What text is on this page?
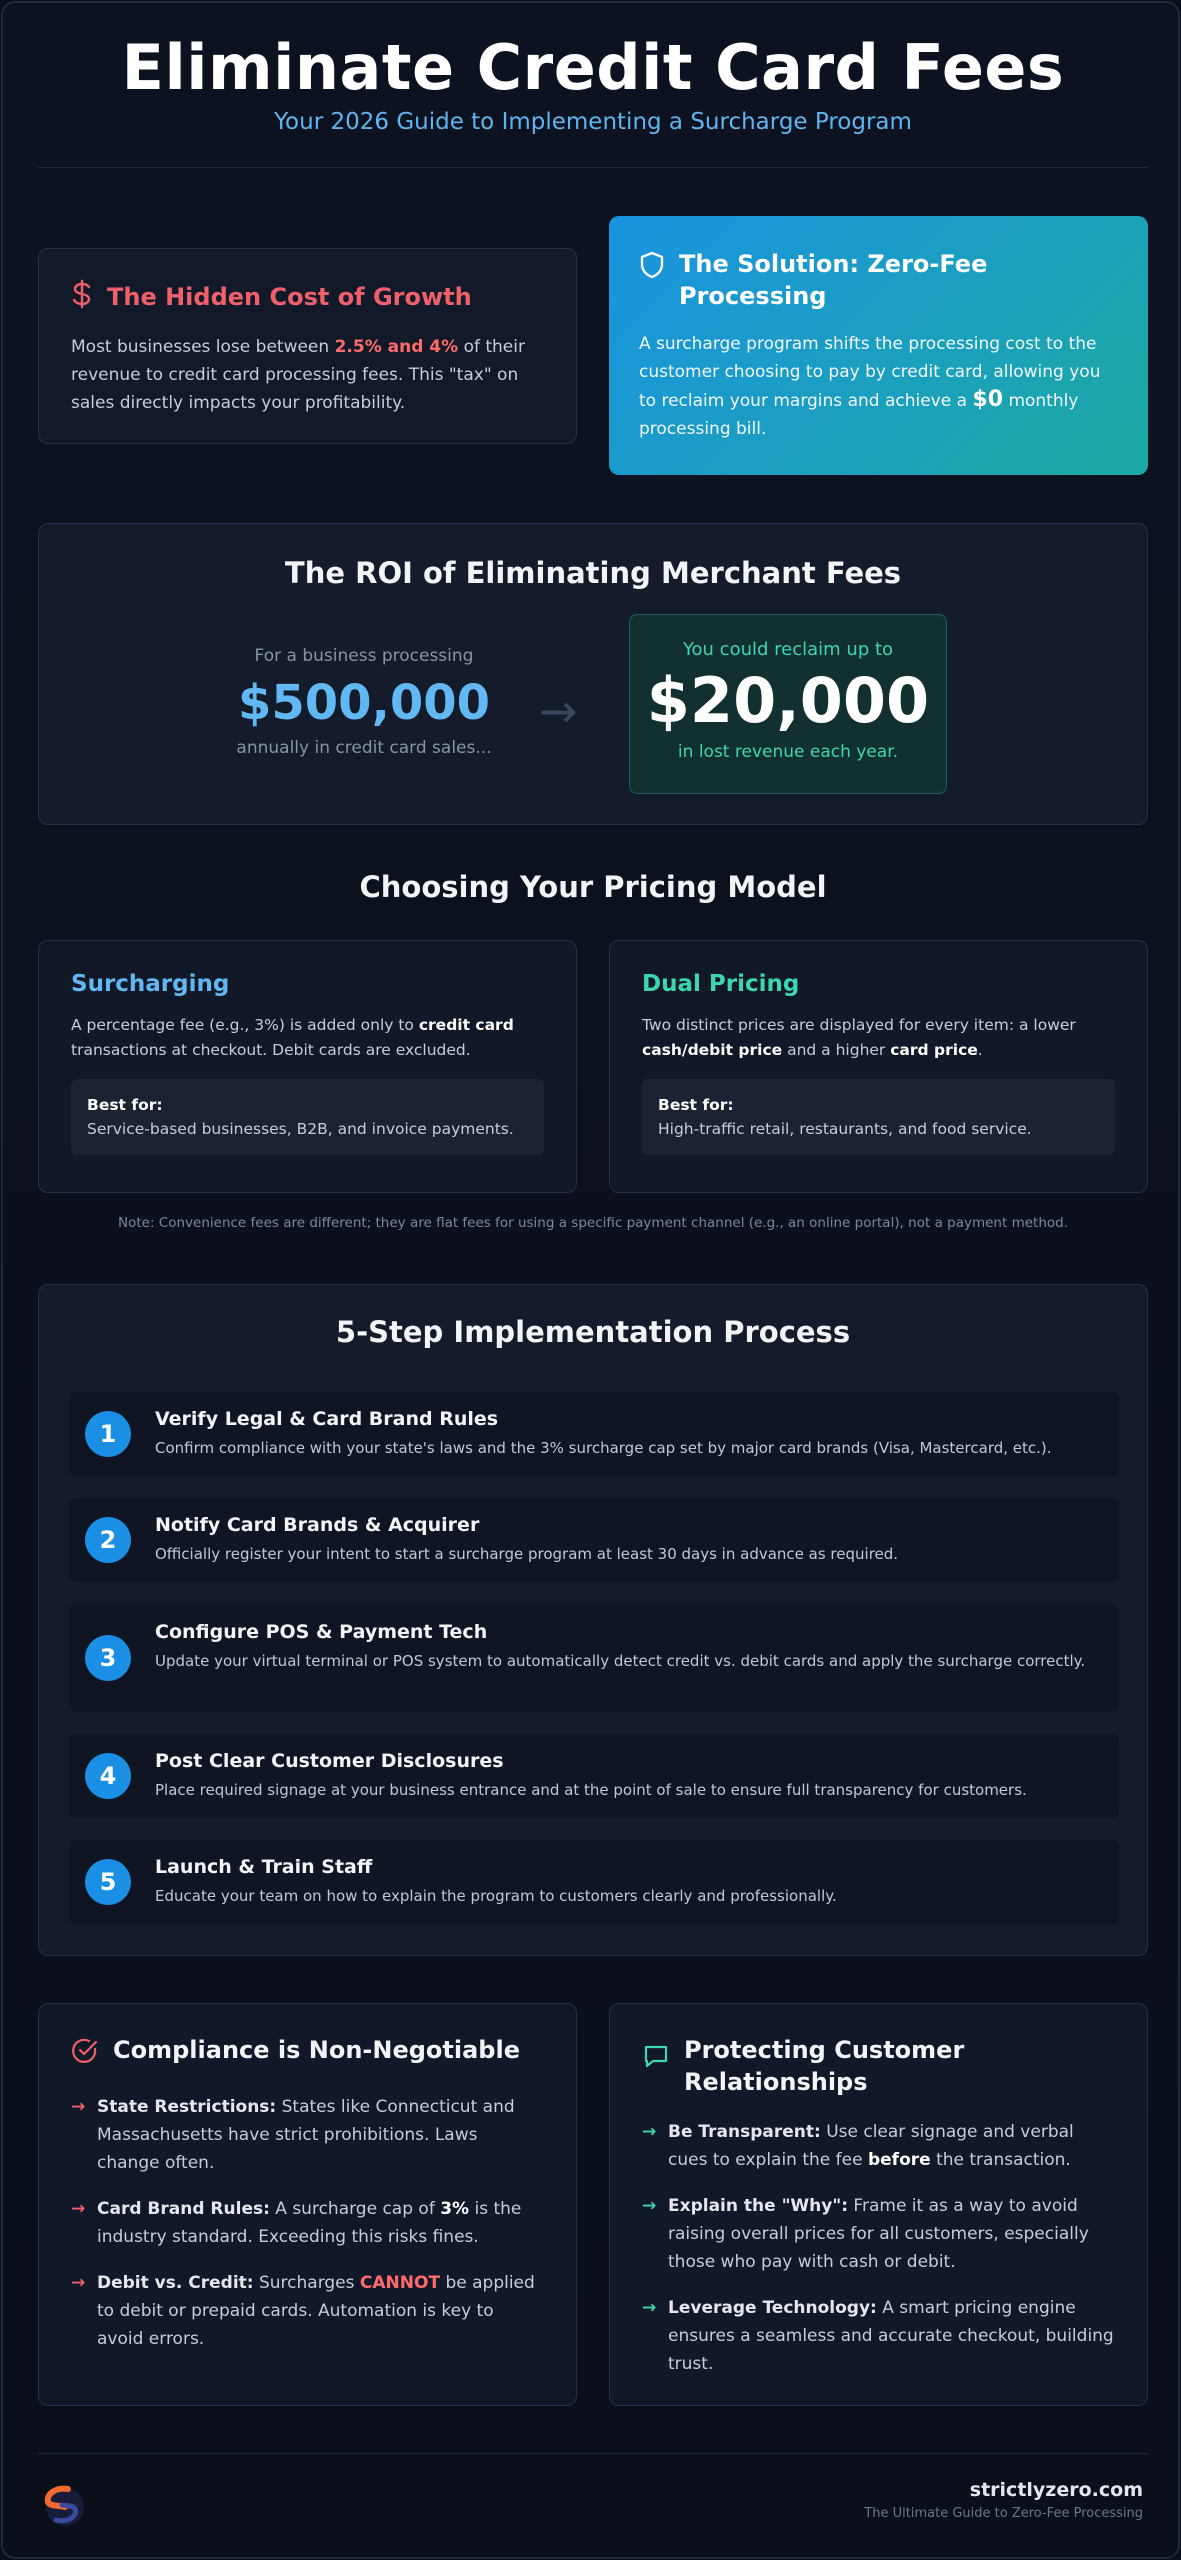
Eliminate Credit Card Fees
Your 2026 Guide to Implementing a Surcharge Program
The Hidden Cost of Growth

Most businesses lose between 2.5% and 4% of their revenue to credit card processing fees. This "tax" on sales directly impacts your profitability.

The Solution: Zero-Fee Processing

A surcharge program shifts the processing cost to the customer choosing to pay by credit card, allowing you to reclaim your margins and achieve a $0 monthly processing bill.

The ROI of Eliminating Merchant Fees
For a business processing
$500,000
annually in credit card sales...
→
You could reclaim up to
$20,000
in lost revenue each year.
Choosing Your Pricing Model
Surcharging

A percentage fee (e.g., 3%) is added only to credit card transactions at checkout. Debit cards are excluded.

Best for:
Service-based businesses, B2B, and invoice payments.
Dual Pricing

Two distinct prices are displayed for every item: a lower cash/debit price and a higher card price.

Best for:
High-traffic retail, restaurants, and food service.
Note: Convenience fees are different; they are flat fees for using a specific payment channel (e.g., an online portal), not a payment method.
5-Step Implementation Process
1
Verify Legal & Card Brand Rules
Confirm compliance with your state's laws and the 3% surcharge cap set by major card brands (Visa, Mastercard, etc.).
2
Notify Card Brands & Acquirer
Officially register your intent to start a surcharge program at least 30 days in advance as required.
3
Configure POS & Payment Tech
Update your virtual terminal or POS system to automatically detect credit vs. debit cards and apply the surcharge correctly.
4
Post Clear Customer Disclosures
Place required signage at your business entrance and at the point of sale to ensure full transparency for customers.
5
Launch & Train Staff
Educate your team on how to explain the program to customers clearly and professionally.
Compliance is Non-Negotiable
→ State Restrictions: States like Connecticut and Massachusetts have strict prohibitions. Laws change often.
→ Card Brand Rules: A surcharge cap of 3% is the industry standard. Exceeding this risks fines.
→ Debit vs. Credit: Surcharges CANNOT be applied to debit or prepaid cards. Automation is key to avoid errors.
Protecting Customer Relationships
→ Be Transparent: Use clear signage and verbal cues to explain the fee before the transaction.
→ Explain the "Why": Frame it as a way to avoid raising overall prices for all customers, especially those who pay with cash or debit.
→ Leverage Technology: A smart pricing engine ensures a seamless and accurate checkout, building trust.
strictlyzero.com
The Ultimate Guide to Zero-Fee Processing
